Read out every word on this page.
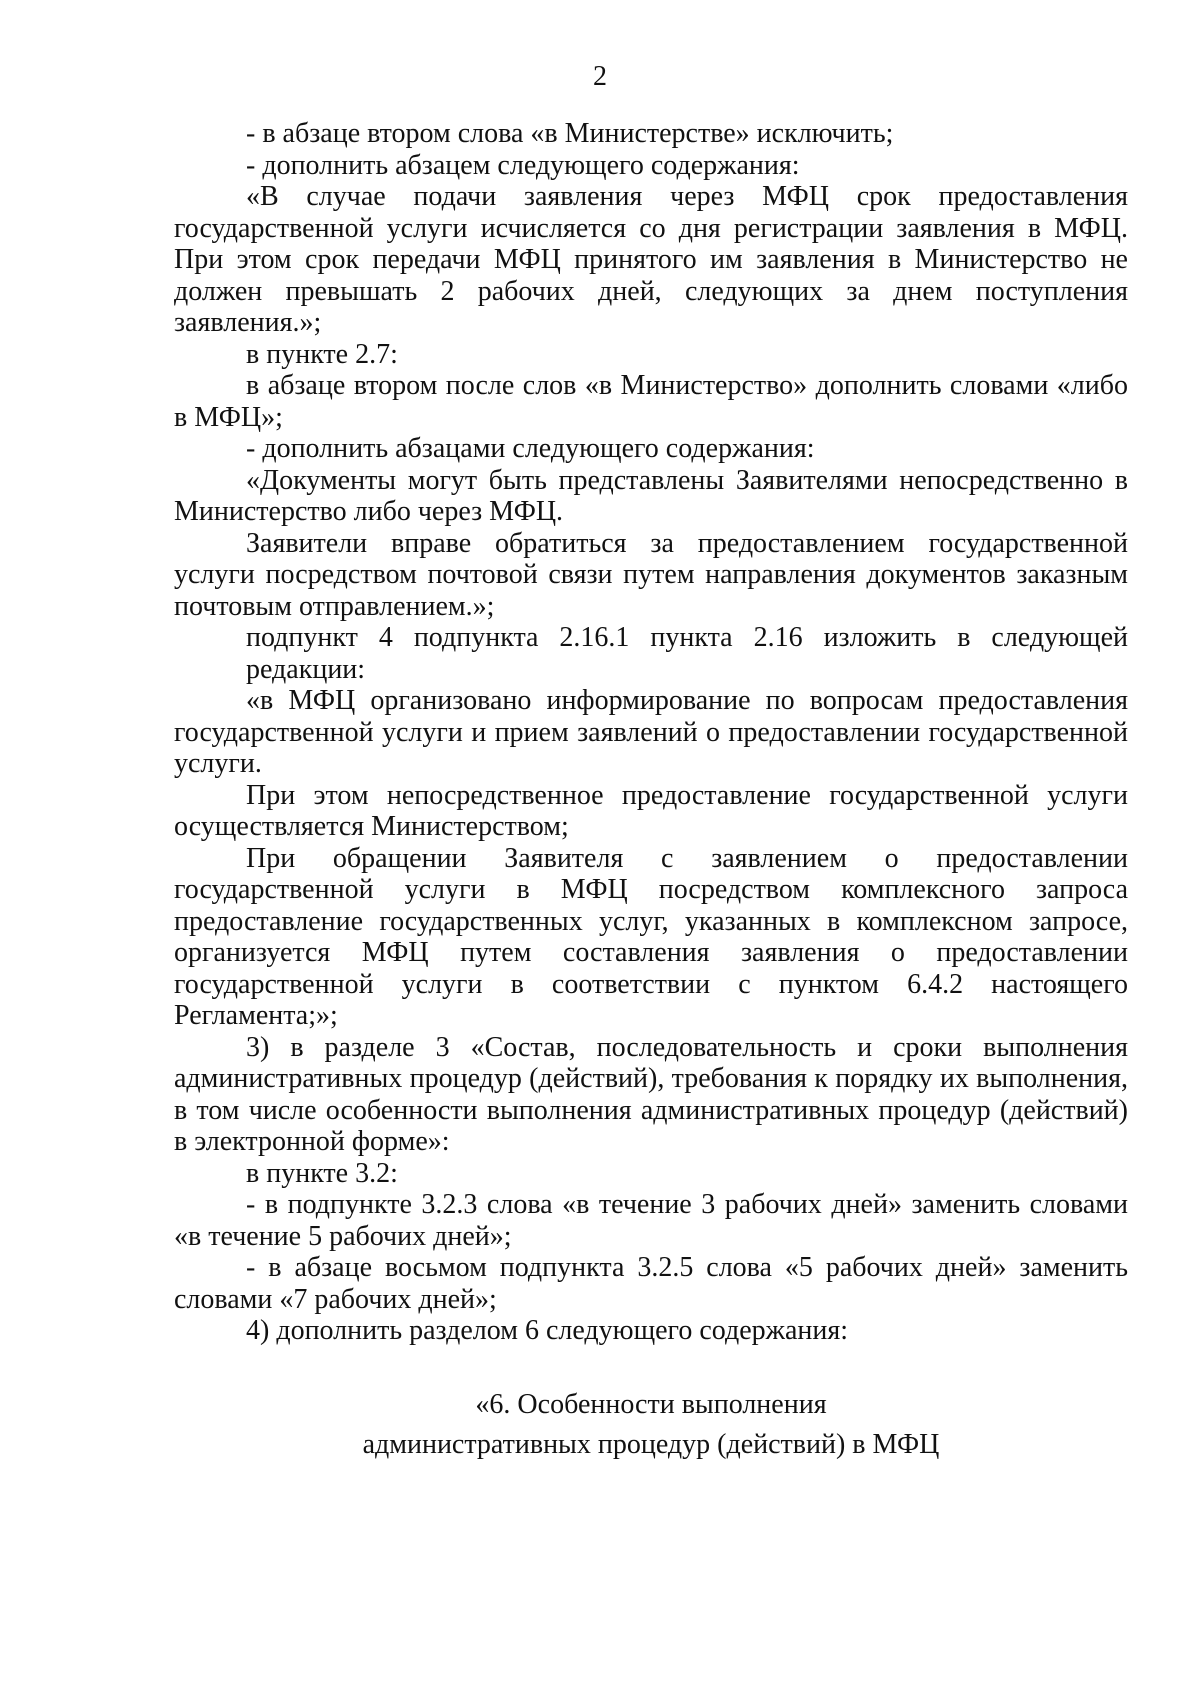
2

- в абзаце втором слова «в Министерстве» исключить;

- дополнить абзацем следующего содержания:

«В случае подачи заявления через МФЦ срок предоставления государственной услуги исчисляется со дня регистрации заявления в МФЦ. При этом срок передачи МФЦ принятого им заявления в Министерство не должен превышать 2 рабочих дней, следующих за днем поступления заявления.»;

в пункте 2.7:

в абзаце втором после слов «в Министерство» дополнить словами «либо в МФЦ»;

- дополнить абзацами следующего содержания:

«Документы могут быть представлены Заявителями непосредственно в Министерство либо через МФЦ.

Заявители вправе обратиться за предоставлением государственной услуги посредством почтовой связи путем направления документов заказным почтовым отправлением.»;

подпункт 4 подпункта 2.16.1 пункта 2.16 изложить в следующей редакции:

«в МФЦ организовано информирование по вопросам предоставления государственной услуги и прием заявлений о предоставлении государственной услуги.

При этом непосредственное предоставление государственной услуги осуществляется Министерством;

При обращении Заявителя с заявлением о предоставлении государственной услуги в МФЦ посредством комплексного запроса предоставление государственных услуг, указанных в комплексном запросе, организуется МФЦ путем составления заявления о предоставлении государственной услуги в соответствии с пунктом 6.4.2 настоящего Регламента;»;

3) в разделе 3 «Состав, последовательность и сроки выполнения административных процедур (действий), требования к порядку их выполнения, в том числе особенности выполнения административных процедур (действий) в электронной форме»:

в пункте 3.2:

- в подпункте 3.2.3 слова «в течение 3 рабочих дней» заменить словами «в течение 5 рабочих дней»;

- в абзаце восьмом подпункта 3.2.5 слова «5 рабочих дней» заменить словами «7 рабочих дней»;

4) дополнить разделом 6 следующего содержания:

«6. Особенности выполнения
административных процедур (действий) в МФЦ
